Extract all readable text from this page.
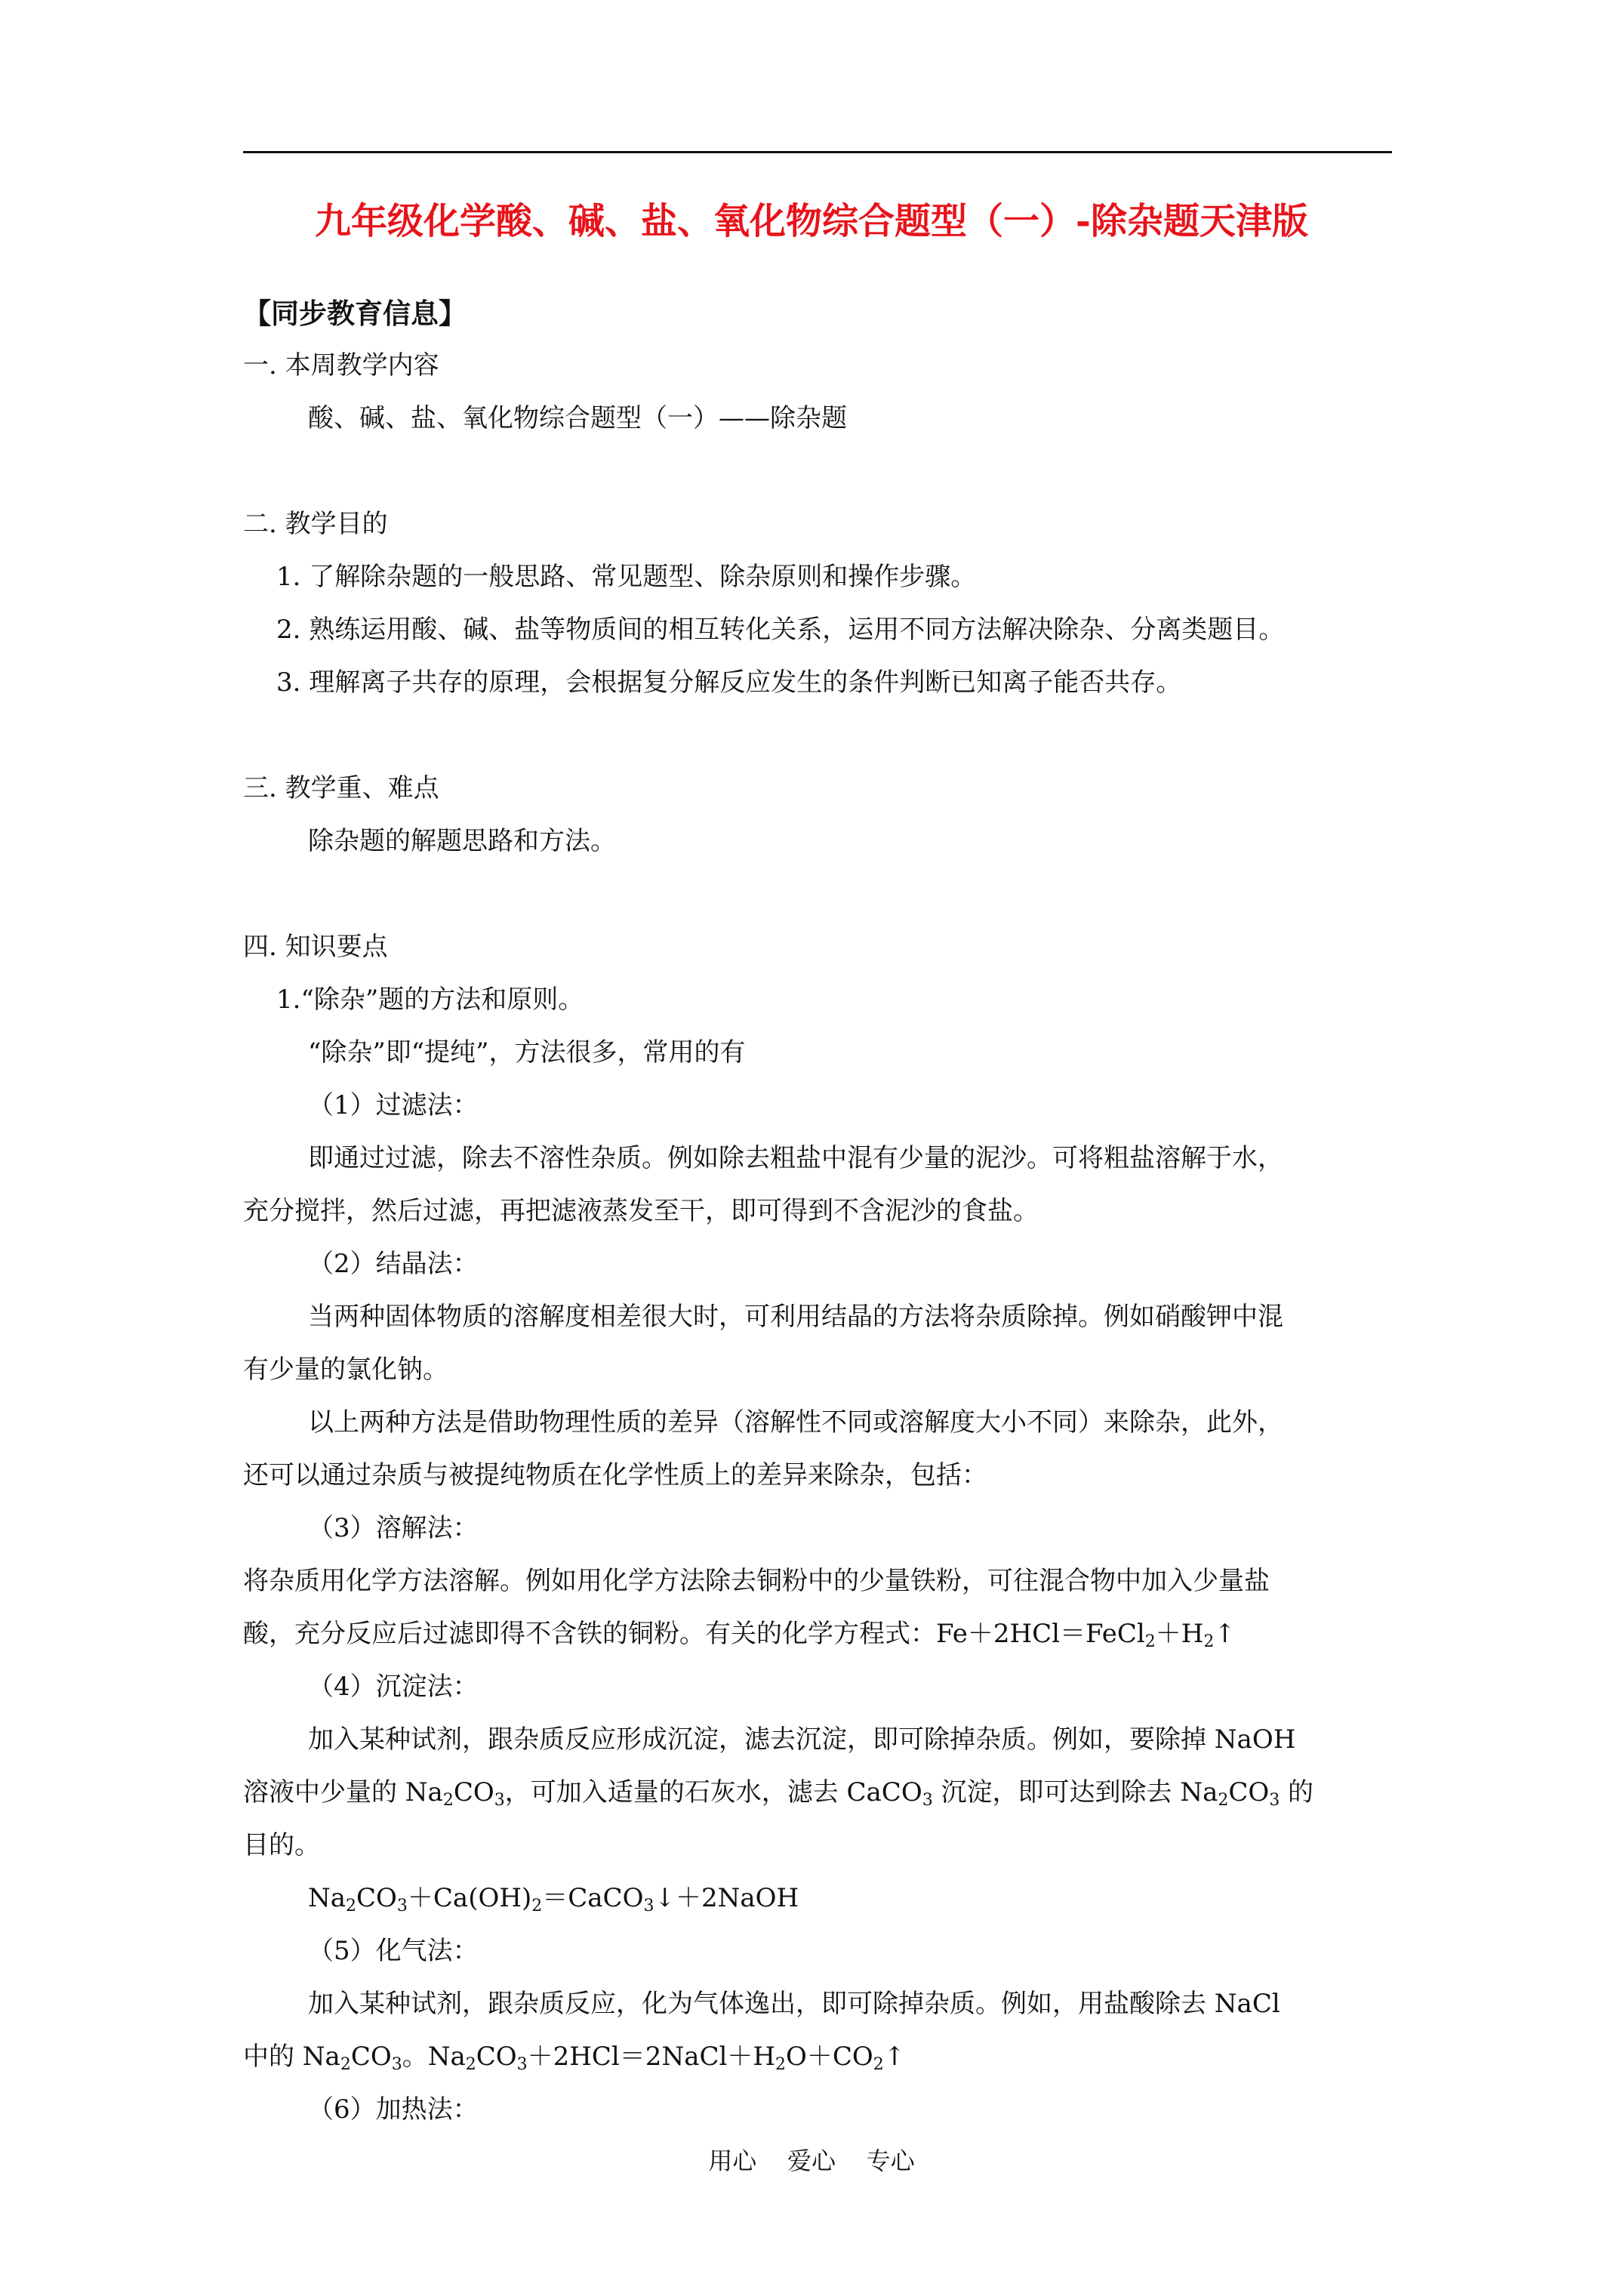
九年级化学酸、碱、盐、氧化物综合题型（一）-除杂题天津版
【同步教育信息】
一. 本周教学内容
酸、碱、盐、氧化物综合题型（一）——除杂题
二. 教学目的
1. 了解除杂题的一般思路、常见题型、除杂原则和操作步骤。
2. 熟练运用酸、碱、盐等物质间的相互转化关系，运用不同方法解决除杂、分离类题目。
3. 理解离子共存的原理，会根据复分解反应发生的条件判断已知离子能否共存。
三. 教学重、难点
除杂题的解题思路和方法。
四. 知识要点
1.“除杂”题的方法和原则。
“除杂”即“提纯”，方法很多，常用的有
（1）过滤法：
即通过过滤，除去不溶性杂质。例如除去粗盐中混有少量的泥沙。可将粗盐溶解于水，
充分搅拌，然后过滤，再把滤液蒸发至干，即可得到不含泥沙的食盐。
（2）结晶法：
当两种固体物质的溶解度相差很大时，可利用结晶的方法将杂质除掉。例如硝酸钾中混
有少量的氯化钠。
以上两种方法是借助物理性质的差异（溶解性不同或溶解度大小不同）来除杂，此外，
还可以通过杂质与被提纯物质在化学性质上的差异来除杂，包括：
（3）溶解法：
将杂质用化学方法溶解。例如用化学方法除去铜粉中的少量铁粉，可往混合物中加入少量盐
酸，充分反应后过滤即得不含铁的铜粉。有关的化学方程式：$Fe+2HCl=FeCl_2+H_2↑$
（4）沉淀法：
加入某种试剂，跟杂质反应形成沉淀，滤去沉淀，即可除掉杂质。例如，要除掉 NaOH
溶液中少量的 $Na_2CO_3$，可加入适量的石灰水，滤去 CaCO$_3$ 沉淀，即可达到除去 $Na_2CO_3$ 的
目的。
$Na_2CO_3+Ca(OH)_2=CaCO_3↓+2NaOH$
（5）化气法：
加入某种试剂，跟杂质反应，化为气体逸出，即可除掉杂质。例如，用盐酸除去 NaCl
中的 $Na_2CO_3$。$Na_2CO_3+2HCl=2NaCl+H_2O+CO_2↑$
（6）加热法：
用心    爱心    专心
